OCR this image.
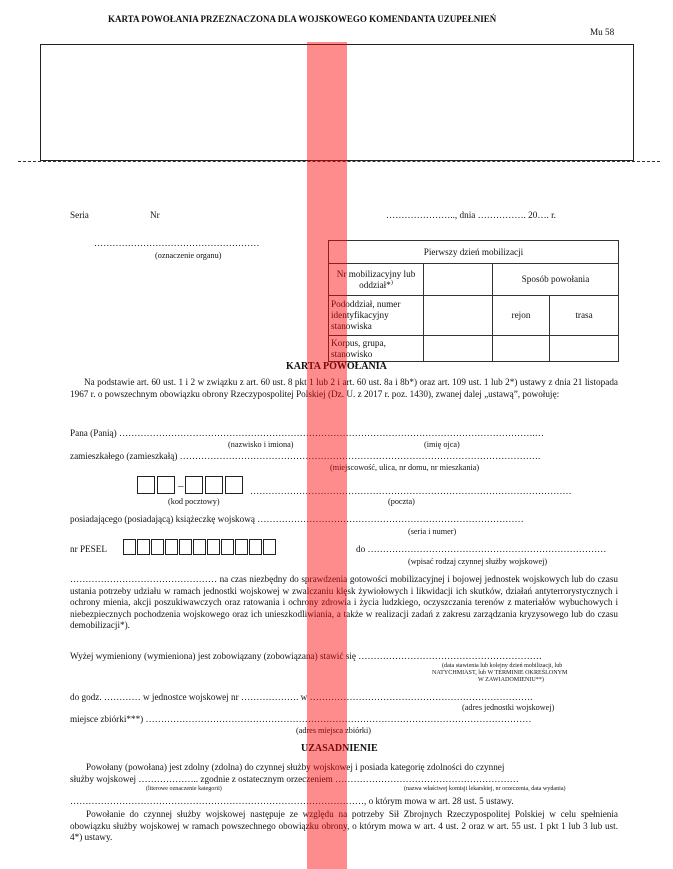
KARTA POWOŁANIA PRZEZNACZONA DLA WOJSKOWEGO KOMENDANTA UZUPEŁNIEŃ
Mu 58
Seria	Nr	………………….., dnia ……………. 20…. r.
………………………………………………
(oznaczenie organu)	Pierwszy dzień mobilizacji			
Nr mobilizacyjny lub oddział*)		Sposób powołania	
Pododdział, numer identyfikacyjny stanowiska		rejon	trasa
Korpus, grupa, stanowisko			
KARTA POWOŁANIA
Na podstawie art. 60 ust. 1 i 2 w związku z art. 60 ust. 8 pkt 1 lub 2 i art. 60 ust. 8a i 8b*) oraz art. 109 ust. 1 lub 2*) ustawy z dnia 21 listopada 1967 r. o powszechnym obowiązku obrony Rzeczypospolitej Polskiej (Dz. U. z 2017 r. poz. 1430), zwanej dalej „ustawą”, powołuję:
Pana (Panią) ……………………………………………………………………………………………………………………….…
(nazwisko i imiona)	(imię ojca)
zamieszkałego (zamieszkałą) ……………………………………………………………………………………………………….
(miejscowość, ulica, nr domu, nr mieszkania)
–	……………………………………………………………………………………………
(kod pocztowy)	(poczta)
posiadającego (posiadającą) książeczkę wojskową ……………………………………………………………………………
(seria i numer)
nr PESEL	do ……………………………………………………………………
(wpisać rodzaj czynnej służby wojskowej)
………………………………………… na czas niezbędny do sprawdzenia gotowości mobilizacyjnej i bojowej jednostek wojskowych lub do czasu ustania potrzeby udziału w ramach jednostki wojskowej w zwalczaniu klęsk żywiołowych i likwidacji ich skutków, działań antyterrorystycznych i ochrony mienia, akcji poszukiwawczych oraz ratowania i ochrony zdrowia i życia ludzkiego, oczyszczania terenów z materiałów wybuchowych i niebezpiecznych pochodzenia wojskowego oraz ich unieszkodliwiania, a także w realizacji zadań z zakresu zarządzania kryzysowego lub do czasu demobilizacji*).
Wyżej wymieniony (wymieniona) jest zobowiązany (zobowiązana) stawić się ……………………………………………………
(data stawienia lub kolejny dzień mobilizacji, lub
NATYCHMIAST, lub W TERMINIE OKREŚLONYM
W ZAWIADOMIENIU**)
do godz. ………… w jednostce wojskowej nr ………………. w ……………………………………………………………….
(adres jednostki wojskowej)
miejsce zbiórki***) ………………………………………………………………………………………………………………
(adres miejsca zbiórki)
UZASADNIENIE
Powołany (powołana) jest zdolny (zdolna) do czynnej służby wojskowej i posiada kategorię zdolności do czynnej
służby wojskowej ……………….. zgodnie z ostatecznym orzeczeniem ……………………………………………………
(literowe oznaczenie kategorii)	(nazwa właściwej komisji lekarskiej, nr orzeczenia, data wydania)
……………………………………………………………………………………, o którym mowa w art. 28 ust. 5 ustawy.
Powołanie do czynnej służby wojskowej następuje ze względu na potrzeby Sił Zbrojnych Rzeczypospolitej Polskiej w celu spełnienia obowiązku służby wojskowej w ramach powszechnego obowiązku obrony, o którym mowa w art. 4 ust. 2 oraz w art. 55 ust. 1 pkt 1 lub 3 lub ust. 4*) ustawy.
